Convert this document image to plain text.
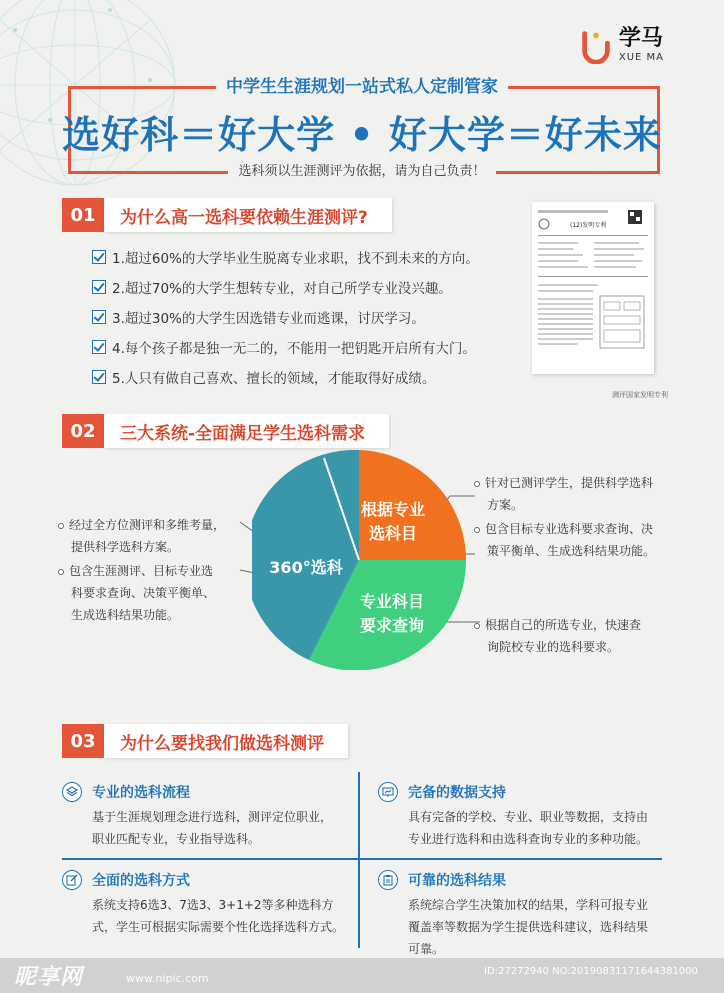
学马
XUE MA
中学生生涯规划一站式私人定制管家
选好科＝好大学 • 好大学＝好未来
选科须以生涯测评为依据，请为自己负责！
01	为什么高一选科要依赖生涯测评?
1.超过60%的大学毕业生脱离专业求职，找不到未来的方向。
2.超过70%的大学生想转专业，对自己所学专业没兴趣。
3.超过30%的大学生因选错专业而逃课，讨厌学习。
4.每个孩子都是独一无二的，不能用一把钥匙开启所有大门。
5.人只有做自己喜欢、擅长的领域，才能取得好成绩。
(12)发明专利
测评国家发明专利
02	三大系统-全面满足学生选科需求
根据专业
选科目
专业科目
要求查询
360°选科
经过全方位测评和多维考量，
提供科学选科方案。
包含生涯测评、目标专业选
科要求查询、决策平衡单、
生成选科结果功能。
针对已测评学生，提供科学选科
方案。
包含目标专业选科要求查询、决
策平衡单、生成选科结果功能。
根据自己的所选专业，快速查
询院校专业的选科要求。
03	为什么要找我们做选科测评
专业的选科流程
基于生涯规划理念进行选科，测评定位职业，
职业匹配专业，专业指导选科。
完备的数据支持
具有完备的学校、专业、职业等数据，支持由
专业进行选科和由选科查询专业的多种功能。
全面的选科方式
系统支持6选3、7选3、3+1+2等多种选科方
式，学生可根据实际需要个性化选择选科方式。
可靠的选科结果
系统综合学生决策加权的结果，学科可报专业
覆盖率等数据为学生提供选科建议，选科结果
可靠。
昵享网	www.nipic.com
ID:27272940 NO:20190831171644381000
